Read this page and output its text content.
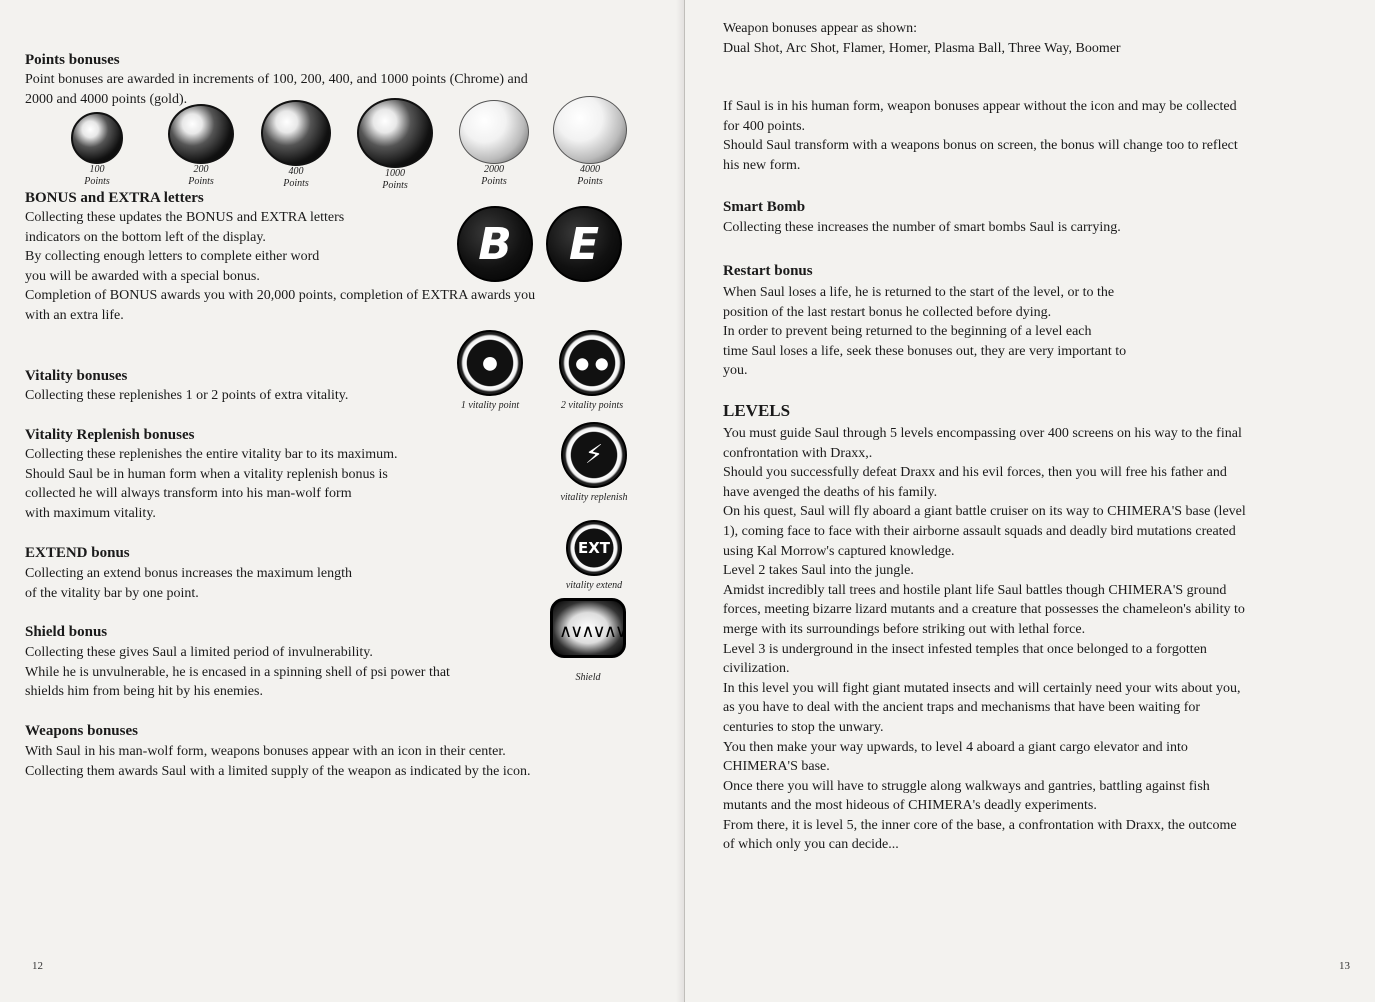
Points bonuses

Point bonuses are awarded in increments of 100, 200, 400, and 1000 points (Chrome) and

2000 and 4000 points (gold).

100
Points
200
Points
400
Points
1000
Points
2000
Points
4000
Points
BONUS and EXTRA letters

Collecting these updates the BONUS and EXTRA letters

indicators on the bottom left of the display.

By collecting enough letters to complete either word

you will be awarded with a special bonus.

Completion of BONUS awards you with 20,000 points, completion of EXTRA awards you

with an extra life.

B	E
Vitality bonuses

Collecting these replenishes 1 or 2 points of extra vitality.

●
1 vitality point
● ●
2 vitality points
Vitality Replenish bonuses

Collecting these replenishes the entire vitality bar to its maximum.

Should Saul be in human form when a vitality replenish bonus is

collected he will always transform into his man-wolf form

with maximum vitality.

⚡
vitality replenish
EXTEND bonus

Collecting an extend bonus increases the maximum length

of the vitality bar by one point.

EXT
vitality extend
Shield bonus

Collecting these gives Saul a limited period of invulnerability.

While he is unvulnerable, he is encased in a spinning shell of psi power that

shields him from being hit by his enemies.

∧∨∧∨∧∨
Shield
Weapons bonuses

With Saul in his man-wolf form, weapons bonuses appear with an icon in their center.

Collecting them awards Saul with a limited supply of the weapon as indicated by the icon.

12

Weapon bonuses appear as shown:

Dual Shot, Arc Shot, Flamer, Homer, Plasma Ball, Three Way, Boomer

If Saul is in his human form, weapon bonuses appear without the icon and may be collected

for 400 points.

Should Saul transform with a weapons bonus on screen, the bonus will change too to reflect

his new form.

Smart Bomb

Collecting these increases the number of smart bombs Saul is carrying.

Restart bonus

When Saul loses a life, he is returned to the start of the level, or to the

position of the last restart bonus he collected before dying.

In order to prevent being returned to the beginning of a level each

time Saul loses a life, seek these bonuses out, they are very important to

you.

LEVELS

You must guide Saul through 5 levels encompassing over 400 screens on his way to the final

confrontation with Draxx,.

Should you successfully defeat Draxx and his evil forces, then you will free his father and

have avenged the deaths of his family.

On his quest, Saul will fly aboard a giant battle cruiser on its way to CHIMERA'S base (level

1), coming face to face with their airborne assault squads and deadly bird mutations created

using Kal Morrow's captured knowledge.

Level 2 takes Saul into the jungle.

Amidst incredibly tall trees and hostile plant life Saul battles though CHIMERA'S ground

forces, meeting bizarre lizard mutants and a creature that possesses the chameleon's ability to

merge with its surroundings before striking out with lethal force.

Level 3 is underground in the insect infested temples that once belonged to a forgotten

civilization.

In this level you will fight giant mutated insects and will certainly need your wits about you,

as you have to deal with the ancient traps and mechanisms that have been waiting for

centuries to stop the unwary.

You then make your way upwards, to level 4 aboard a giant cargo elevator and into

CHIMERA'S base.

Once there you will have to struggle along walkways and gantries, battling against fish

mutants and the most hideous of CHIMERA's deadly experiments.

From there, it is level 5, the inner core of the base, a confrontation with Draxx, the outcome

of which only you can decide...

13
